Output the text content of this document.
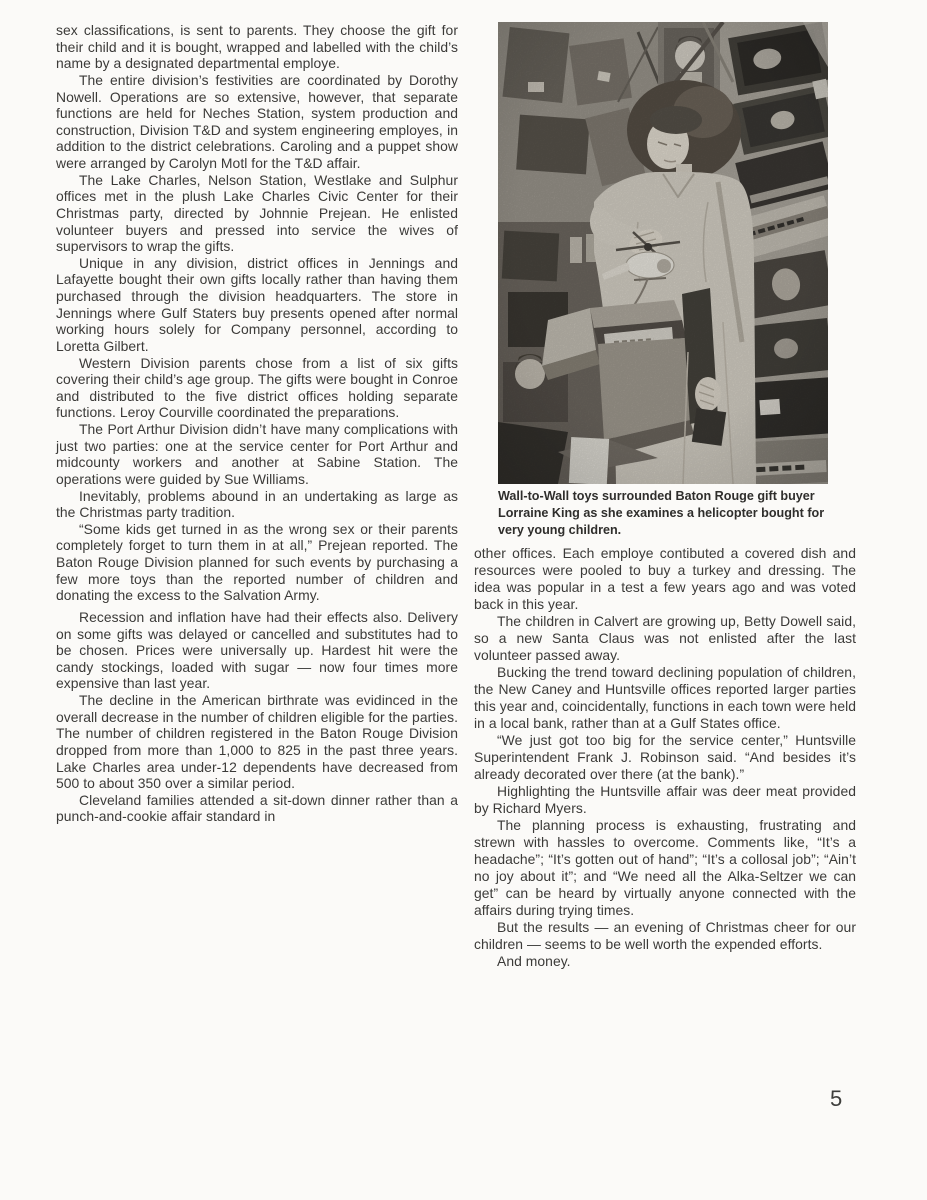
sex classifications, is sent to parents. They choose the gift for their child and it is bought, wrapped and labelled with the child’s name by a designated departmental employe.

The entire division’s festivities are coordinated by Dorothy Nowell. Operations are so extensive, however, that separate functions are held for Neches Station, system production and construction, Division T&D and system engineering employes, in addition to the district celebrations. Caroling and a puppet show were arranged by Carolyn Motl for the T&D affair.

The Lake Charles, Nelson Station, Westlake and Sulphur offices met in the plush Lake Charles Civic Center for their Christmas party, directed by Johnnie Prejean. He enlisted volunteer buyers and pressed into service the wives of supervisors to wrap the gifts.

Unique in any division, district offices in Jennings and Lafayette bought their own gifts locally rather than having them purchased through the division headquarters. The store in Jennings where Gulf Staters buy presents opened after normal working hours solely for Company personnel, according to Loretta Gilbert.

Western Division parents chose from a list of six gifts covering their child’s age group. The gifts were bought in Conroe and distributed to the five district offices holding separate functions. Leroy Courville coordinated the preparations.

The Port Arthur Division didn’t have many complications with just two parties: one at the service center for Port Arthur and midcounty workers and another at Sabine Station. The operations were guided by Sue Williams.

Inevitably, problems abound in an undertaking as large as the Christmas party tradition.

“Some kids get turned in as the wrong sex or their parents completely forget to turn them in at all,” Prejean reported. The Baton Rouge Division planned for such events by purchasing a few more toys than the reported number of children and donating the excess to the Salvation Army.

Recession and inflation have had their effects also. Delivery on some gifts was delayed or cancelled and substitutes had to be chosen. Prices were universally up. Hardest hit were the candy stockings, loaded with sugar — now four times more expensive than last year.

The decline in the American birthrate was evidinced in the overall decrease in the number of children eligible for the parties. The number of children registered in the Baton Rouge Division dropped from more than 1,000 to 825 in the past three years. Lake Charles area under-12 dependents have decreased from 500 to about 350 over a similar period.

Cleveland families attended a sit-down dinner rather than a punch-and-cookie affair standard in

Wall-to-Wall toys surrounded Baton Rouge gift buyer Lorraine King as she examines a helicopter bought for very young children.

other offices. Each employe contibuted a covered dish and resources were pooled to buy a turkey and dressing. The idea was popular in a test a few years ago and was voted back in this year.

The children in Calvert are growing up, Betty Dowell said, so a new Santa Claus was not enlisted after the last volunteer passed away.

Bucking the trend toward declining population of children, the New Caney and Huntsville offices reported larger parties this year and, coincidentally, functions in each town were held in a local bank, rather than at a Gulf States office.

“We just got too big for the service center,” Huntsville Superintendent Frank J. Robinson said. “And besides it’s already decorated over there (at the bank).”

Highlighting the Huntsville affair was deer meat provided by Richard Myers.

The planning process is exhausting, frustrating and strewn with hassles to overcome. Comments like, “It’s a headache”; “It’s gotten out of hand”; “It’s a collosal job”; “Ain’t no joy about it”; and “We need all the Alka-Seltzer we can get” can be heard by virtually anyone connected with the affairs during trying times.

But the results — an evening of Christmas cheer for our children — seems to be well worth the expended efforts.

And money.

5
